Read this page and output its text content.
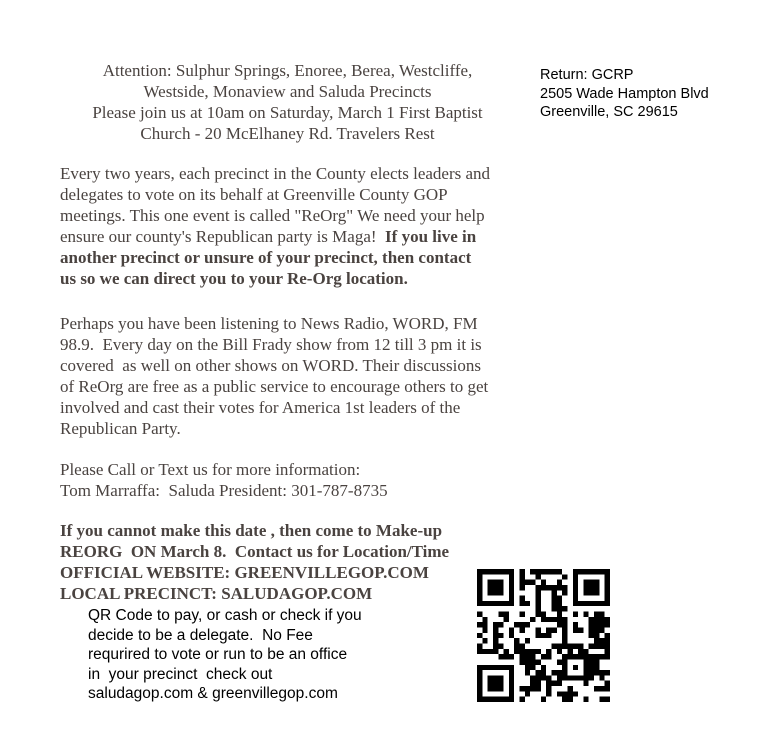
Attention: Sulphur Springs, Enoree, Berea, Westcliffe,
Westside, Monaview and Saluda Precincts
Please join us at 10am on Saturday, March 1 First Baptist
Church - 20 McElhaney Rd. Travelers Rest
Return: GCRP
2505 Wade Hampton Blvd
Greenville, SC 29615
Every two years, each precinct in the County elects leaders and
delegates to vote on its behalf at Greenville County GOP
meetings. This one event is called "ReOrg" We need your help
ensure our county's Republican party is Maga!  If you live in
another precinct or unsure of your precinct, then contact
us so we can direct you to your Re-Org location.
Perhaps you have been listening to News Radio, WORD, FM
98.9.  Every day on the Bill Frady show from 12 till 3 pm it is
covered  as well on other shows on WORD. Their discussions
of ReOrg are free as a public service to encourage others to get
involved and cast their votes for America 1st leaders of the
Republican Party.
Please Call or Text us for more information:
Tom Marraffa:  Saluda President: 301-787-8735
If you cannot make this date , then come to Make-up
REORG  ON March 8.  Contact us for Location/Time
OFFICIAL WEBSITE: GREENVILLEGOP.COM
LOCAL PRECINCT: SALUDAGOP.COM
QR Code to pay, or cash or check if you
decide to be a delegate.  No Fee
requrired to vote or run to be an office
in  your precinct  check out
saludagop.com & greenvillegop.com
